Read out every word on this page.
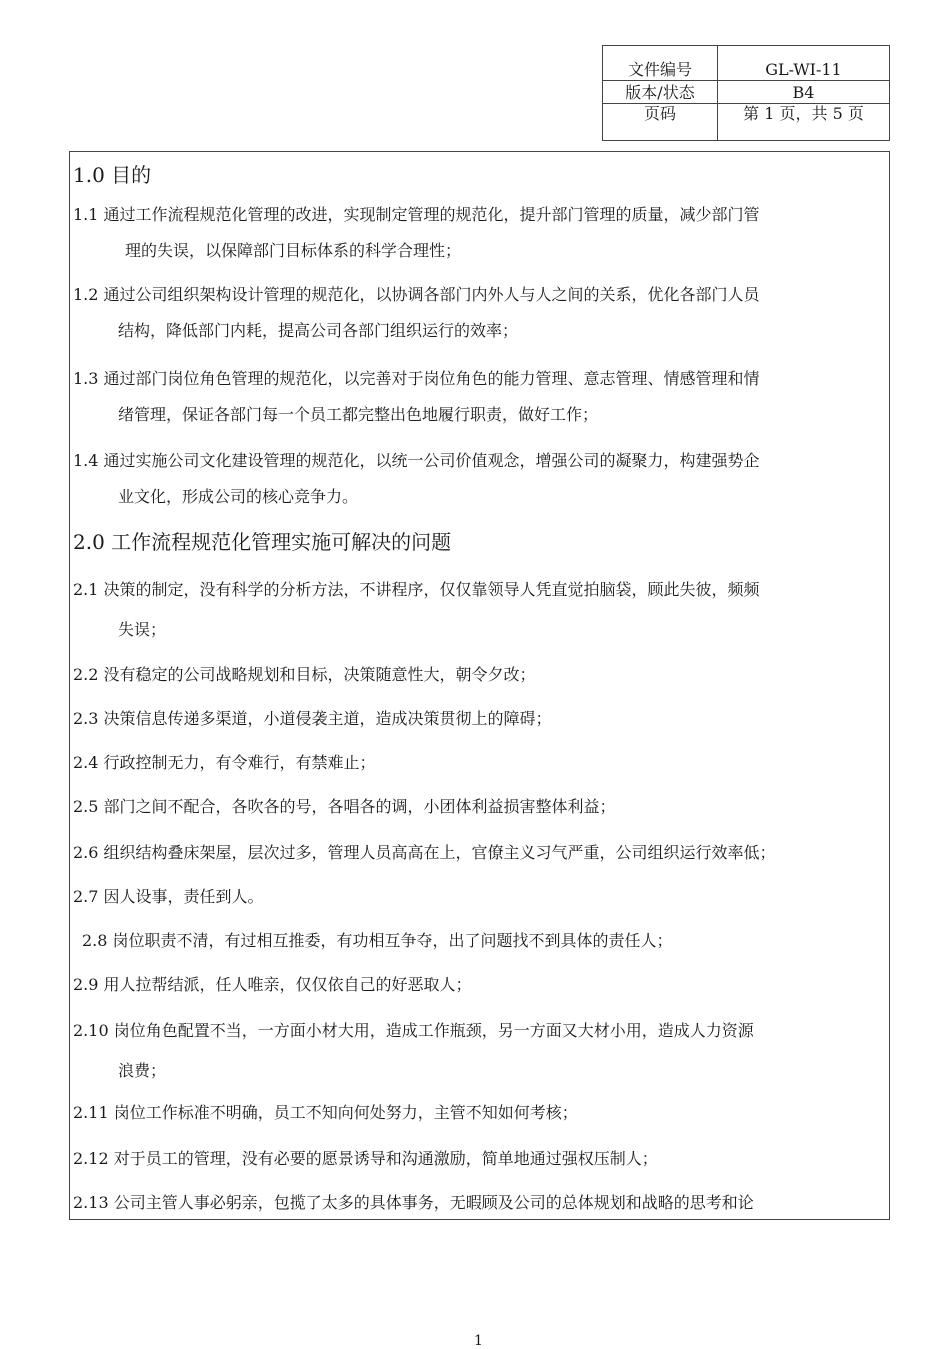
文件编号	GL-WI-11
版本/状态	B4
页码	第 1 页，共 5 页
1.0 目的
1.1 通过工作流程规范化管理的改进，实现制定管理的规范化，提升部门管理的质量，减少部门管
理的失误，以保障部门目标体系的科学合理性；
1.2 通过公司组织架构设计管理的规范化，以协调各部门内外人与人之间的关系，优化各部门人员
结构，降低部门内耗，提高公司各部门组织运行的效率；
1.3 通过部门岗位角色管理的规范化，以完善对于岗位角色的能力管理、意志管理、情感管理和情
绪管理，保证各部门每一个员工都完整出色地履行职责，做好工作；
1.4 通过实施公司文化建设管理的规范化，以统一公司价值观念，增强公司的凝聚力，构建强势企
业文化，形成公司的核心竞争力。
2.0 工作流程规范化管理实施可解决的问题
2.1 决策的制定，没有科学的分析方法，不讲程序，仅仅靠领导人凭直觉拍脑袋，顾此失彼，频频
失误；
2.2 没有稳定的公司战略规划和目标，决策随意性大，朝令夕改；
2.3 决策信息传递多渠道，小道侵袭主道，造成决策贯彻上的障碍；
2.4 行政控制无力，有令难行，有禁难止；
2.5 部门之间不配合，各吹各的号，各唱各的调，小团体利益损害整体利益；
2.6 组织结构叠床架屋，层次过多，管理人员高高在上，官僚主义习气严重，公司组织运行效率低；
2.7 因人设事，责任到人。
2.8 岗位职责不清，有过相互推委，有功相互争夺，出了问题找不到具体的责任人；
2.9 用人拉帮结派，任人唯亲，仅仅依自己的好恶取人；
2.10 岗位角色配置不当，一方面小材大用，造成工作瓶颈，另一方面又大材小用，造成人力资源
浪费；
2.11 岗位工作标准不明确，员工不知向何处努力，主管不知如何考核；
2.12 对于员工的管理，没有必要的愿景诱导和沟通激励，简单地通过强权压制人；
2.13 公司主管人事必躬亲，包揽了太多的具体事务，无暇顾及公司的总体规划和战略的思考和论
1
